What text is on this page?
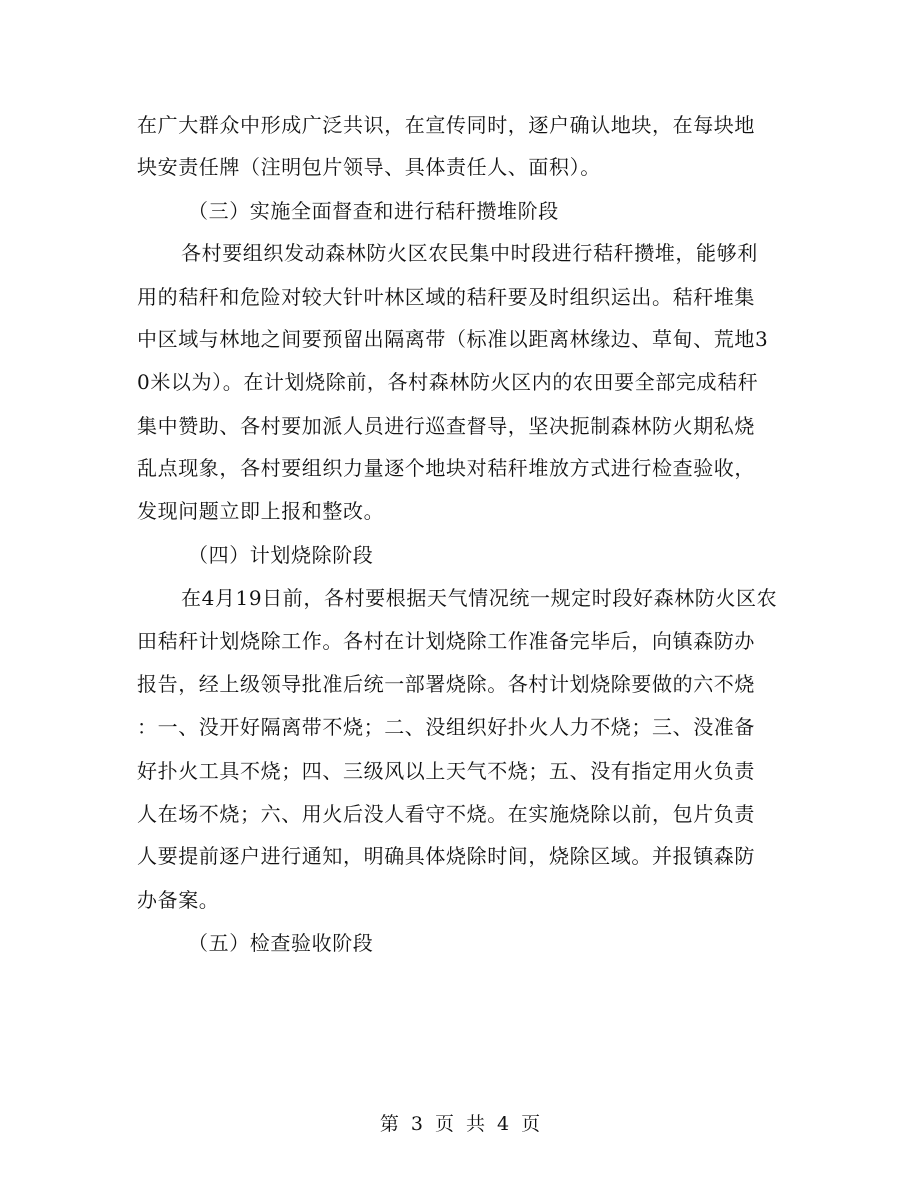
在广大群众中形成广泛共识，在宣传同时，逐户确认地块，在每块地
块安责任牌（注明包片领导、具体责任人、面积）。
（三）实施全面督查和进行秸秆攒堆阶段
各村要组织发动森林防火区农民集中时段进行秸秆攒堆，能够利
用的秸秆和危险对较大针叶林区域的秸秆要及时组织运出。秸秆堆集
中区域与林地之间要预留出隔离带（标准以距离林缘边、草甸、荒地3
0米以为）。在计划烧除前，各村森林防火区内的农田要全部完成秸秆
集中赞助、各村要加派人员进行巡查督导，坚决扼制森林防火期私烧
乱点现象，各村要组织力量逐个地块对秸秆堆放方式进行检查验收，
发现问题立即上报和整改。
（四）计划烧除阶段
在4月19日前，各村要根据天气情况统一规定时段好森林防火区农
田秸秆计划烧除工作。各村在计划烧除工作准备完毕后，向镇森防办
报告，经上级领导批准后统一部署烧除。各村计划烧除要做的六不烧
：一、没开好隔离带不烧；二、没组织好扑火人力不烧；三、没准备
好扑火工具不烧；四、三级风以上天气不烧；五、没有指定用火负责
人在场不烧；六、用火后没人看守不烧。在实施烧除以前，包片负责
人要提前逐户进行通知，明确具体烧除时间，烧除区域。并报镇森防
办备案。
（五）检查验收阶段
第 3 页 共 4 页
